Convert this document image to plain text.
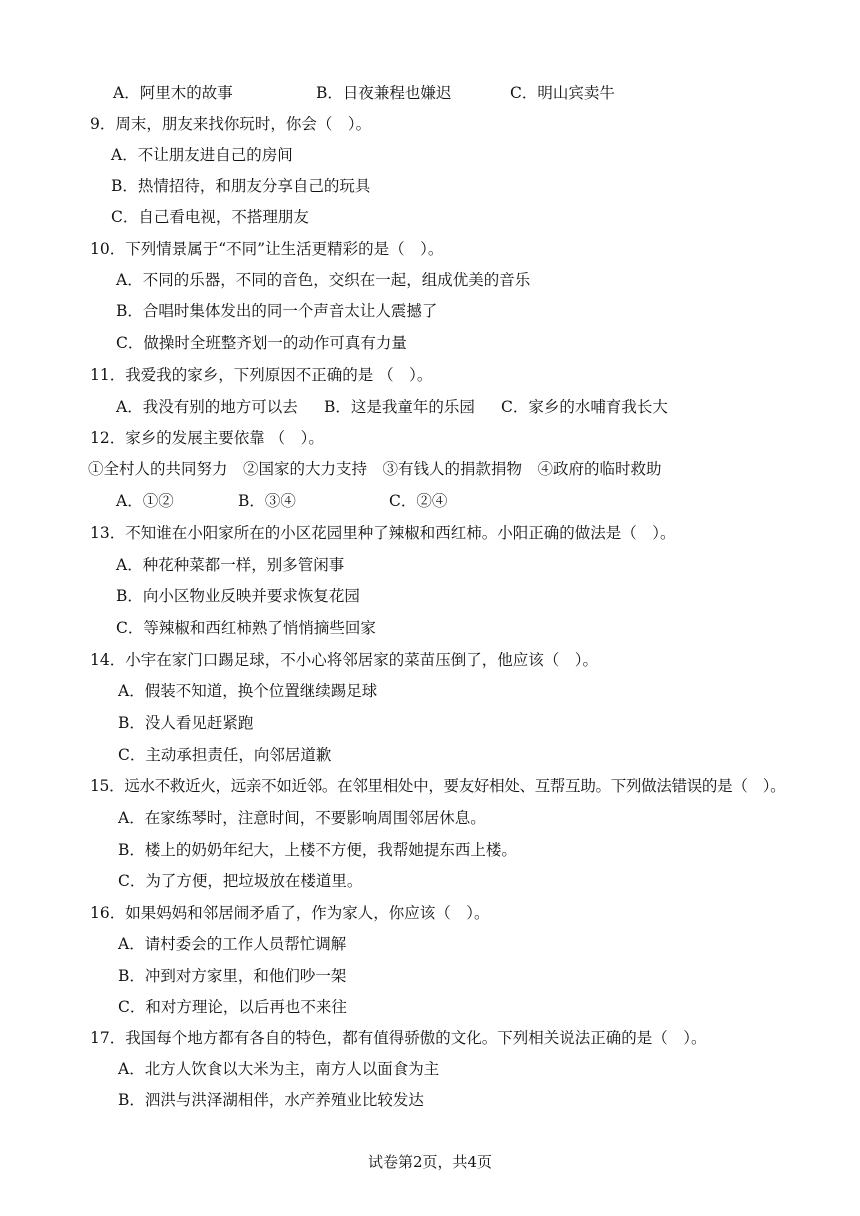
A．阿里木的故事	B．日夜兼程也嫌迟	C．明山宾卖牛
9．周末，朋友来找你玩时，你会（　）。
A．不让朋友进自己的房间
B．热情招待，和朋友分享自己的玩具
C．自己看电视，不搭理朋友
10．下列情景属于“不同”让生活更精彩的是（　）。
A．不同的乐器，不同的音色，交织在一起，组成优美的音乐
B．合唱时集体发出的同一个声音太让人震撼了
C．做操时全班整齐划一的动作可真有力量
11．我爱我的家乡，下列原因不正确的是 （　）。
A．我没有别的地方可以去 B．这是我童年的乐园 C．家乡的水哺育我长大
12．家乡的发展主要依靠 （　）。
①全村人的共同努力　②国家的大力支持　③有钱人的捐款捐物　④政府的临时救助
A．①②	B．③④	C．②④
13．不知谁在小阳家所在的小区花园里种了辣椒和西红柿。小阳正确的做法是（　）。
A．种花种菜都一样，别多管闲事
B．向小区物业反映并要求恢复花园
C．等辣椒和西红柿熟了悄悄摘些回家
14．小宇在家门口踢足球，不小心将邻居家的菜苗压倒了，他应该（　）。
A．假装不知道，换个位置继续踢足球
B．没人看见赶紧跑
C．主动承担责任，向邻居道歉
15．远水不救近火，远亲不如近邻。在邻里相处中，要友好相处、互帮互助。下列做法错误的是（　）。
A．在家练琴时，注意时间，不要影响周围邻居休息。
B．楼上的奶奶年纪大，上楼不方便，我帮她提东西上楼。
C．为了方便，把垃圾放在楼道里。
16．如果妈妈和邻居闹矛盾了，作为家人，你应该（　）。
A．请村委会的工作人员帮忙调解
B．冲到对方家里，和他们吵一架
C．和对方理论，以后再也不来往
17．我国每个地方都有各自的特色，都有值得骄傲的文化。下列相关说法正确的是（　）。
A．北方人饮食以大米为主，南方人以面食为主
B．泗洪与洪泽湖相伴，水产养殖业比较发达
试卷第2页，共4页
